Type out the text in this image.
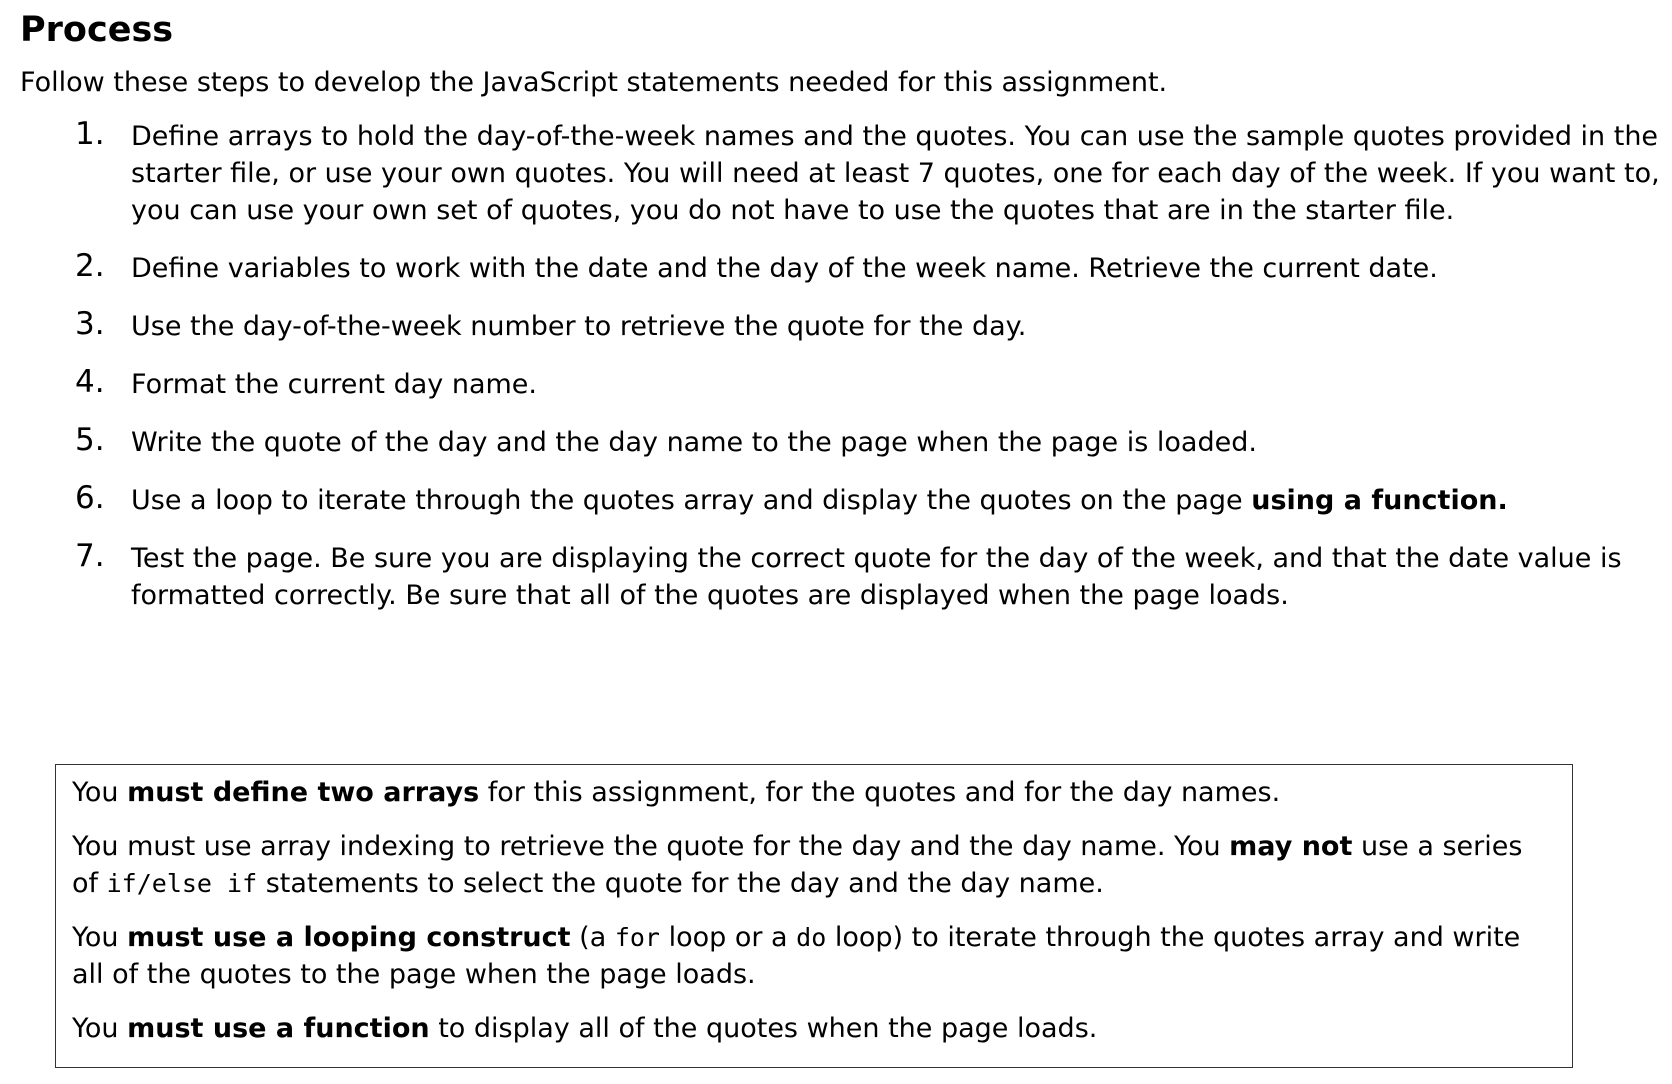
Process

Follow these steps to develop the JavaScript statements needed for this assignment.

1. Define arrays to hold the day-of-the-week names and the quotes. You can use the sample quotes provided in the starter file, or use your own quotes. You will need at least 7 quotes, one for each day of the week. If you want to, you can use your own set of quotes, you do not have to use the quotes that are in the starter file.
2. Define variables to work with the date and the day of the week name. Retrieve the current date.
3. Use the day-of-the-week number to retrieve the quote for the day.
4. Format the current day name.
5. Write the quote of the day and the day name to the page when the page is loaded.
6. Use a loop to iterate through the quotes array and display the quotes on the page using a function.
7. Test the page. Be sure you are displaying the correct quote for the day of the week, and that the date value is formatted correctly. Be sure that all of the quotes are displayed when the page loads.

You must define two arrays for this assignment, for the quotes and for the day names.

You must use array indexing to retrieve the quote for the day and the day name. You may not use a series of if/else if statements to select the quote for the day and the day name.

You must use a looping construct (a for loop or a do loop) to iterate through the quotes array and write all of the quotes to the page when the page loads.

You must use a function to display all of the quotes when the page loads.
